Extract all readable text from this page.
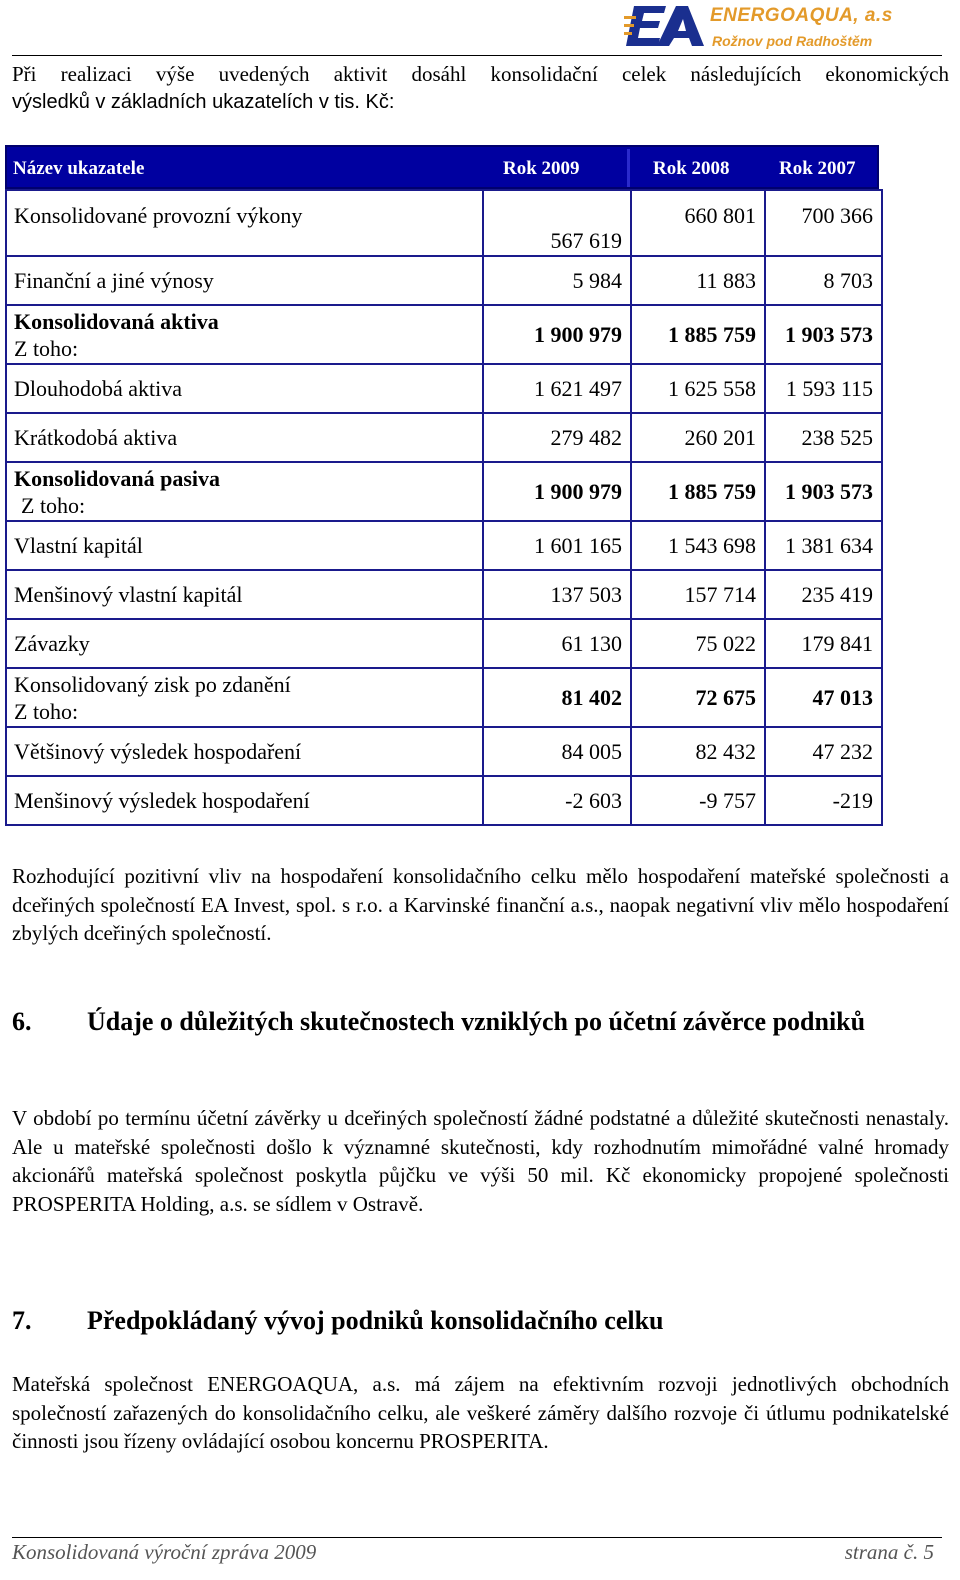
ENERGOAQUA, a.s
Rožnov pod Radhoštěm
Při realizaci výše uvedených aktivit dosáhl konsolidační celek následujících ekonomických
výsledků v základních ukazatelích v tis. Kč:
Název ukazatele	Rok 2009	Rok 2008	Rok 2007
Konsolidované provozní výkony	567 619	660 801	700 366
Finanční a jiné výnosy	5 984	11 883	8 703
Konsolidovaná aktiva
Z toho:	1 900 979	1 885 759	1 903 573
Dlouhodobá aktiva	1 621 497	1 625 558	1 593 115
Krátkodobá aktiva	279 482	260 201	238 525
Konsolidovaná pasiva
Z toho:	1 900 979	1 885 759	1 903 573
Vlastní kapitál	1 601 165	1 543 698	1 381 634
Menšinový vlastní kapitál	137 503	157 714	235 419
Závazky	61 130	75 022	179 841
Konsolidovaný zisk po zdanění
Z toho:	81 402	72 675	47 013
Většinový výsledek hospodaření	84 005	82 432	47 232
Menšinový výsledek hospodaření	-2 603	-9 757	-219
Rozhodující pozitivní vliv na hospodaření konsolidačního celku mělo hospodaření mateřské společnosti a dceřiných společností EA Invest, spol. s r.o. a Karvinské finanční a.s., naopak negativní vliv mělo hospodaření zbylých dceřiných společností.
6. Údaje o důležitých skutečnostech vzniklých po účetní závěrce podniků
V období po termínu účetní závěrky u dceřiných společností žádné podstatné a důležité skutečnosti nenastaly. Ale u mateřské společnosti došlo k významné skutečnosti, kdy rozhodnutím mimořádné valné hromady akcionářů mateřská společnost poskytla půjčku ve výši 50 mil. Kč ekonomicky propojené společnosti PROSPERITA Holding, a.s. se sídlem v Ostravě.
7. Předpokládaný vývoj podniků konsolidačního celku
Mateřská společnost ENERGOAQUA, a.s. má zájem na efektivním rozvoji jednotlivých obchodních společností zařazených do konsolidačního celku, ale veškeré záměry dalšího rozvoje či útlumu podnikatelské činnosti jsou řízeny ovládající osobou koncernu PROSPERITA.
Konsolidovaná výroční zpráva 2009	strana č. 5
